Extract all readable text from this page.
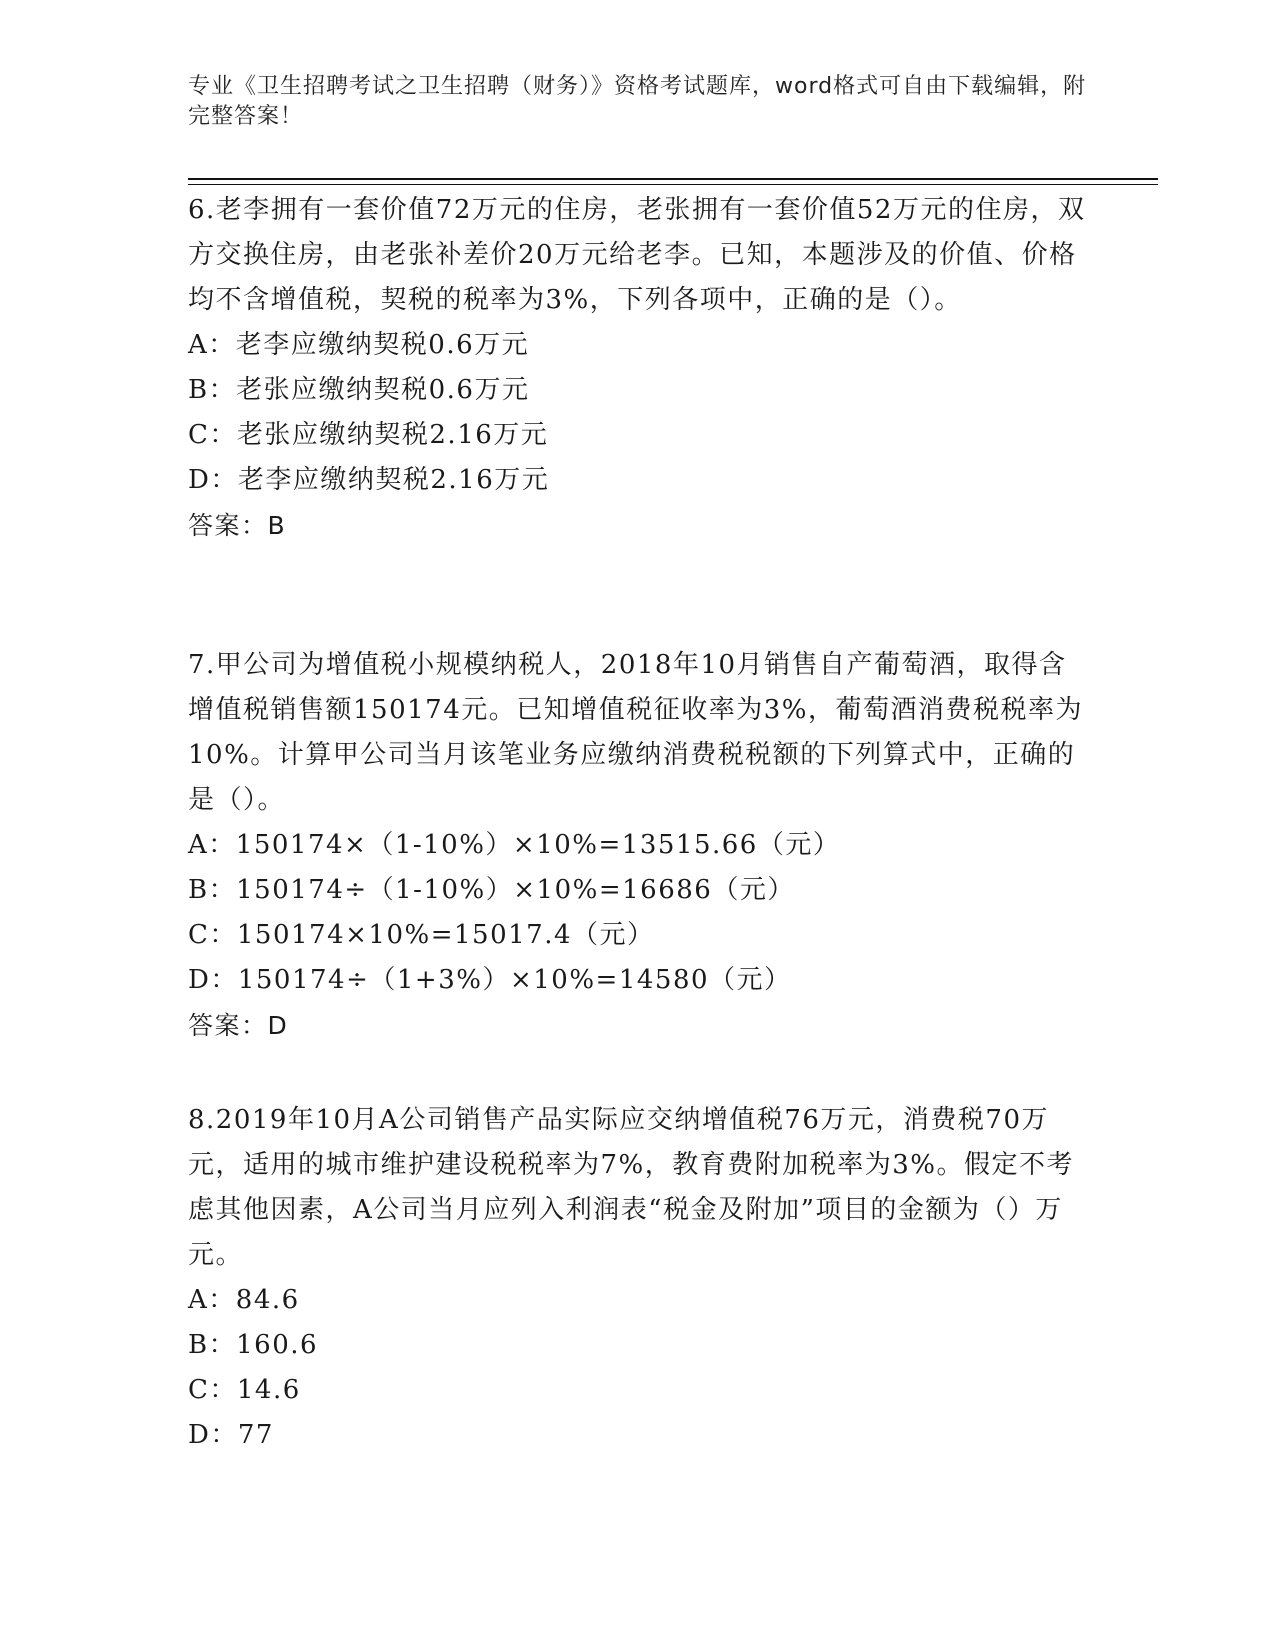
专业《卫生招聘考试之卫生招聘（财务）》资格考试题库，word格式可自由下载编辑，附完整答案！

6.老李拥有一套价值72万元的住房，老张拥有一套价值52万元的住房，双方交换住房，由老张补差价20万元给老李。已知，本题涉及的价值、价格均不含增值税，契税的税率为3%，下列各项中，正确的是（）。

A：老李应缴纳契税0.6万元

B：老张应缴纳契税0.6万元

C：老张应缴纳契税2.16万元

D：老李应缴纳契税2.16万元

答案：B

7.甲公司为增值税小规模纳税人，2018年10月销售自产葡萄酒，取得含增值税销售额150174元。已知增值税征收率为3%，葡萄酒消费税税率为10%。计算甲公司当月该笔业务应缴纳消费税税额的下列算式中，正确的是（）。

A：150174×（1-10%）×10%=13515.66（元）

B：150174÷（1-10%）×10%=16686（元）

C：150174×10%=15017.4（元）

D：150174÷（1+3%）×10%=14580（元）

答案：D

8.2019年10月A公司销售产品实际应交纳增值税76万元，消费税70万元，适用的城市维护建设税税率为7%，教育费附加税率为3%。假定不考虑其他因素，A公司当月应列入利润表“税金及附加”项目的金额为（）万元。

A：84.6

B：160.6

C：14.6

D：77
